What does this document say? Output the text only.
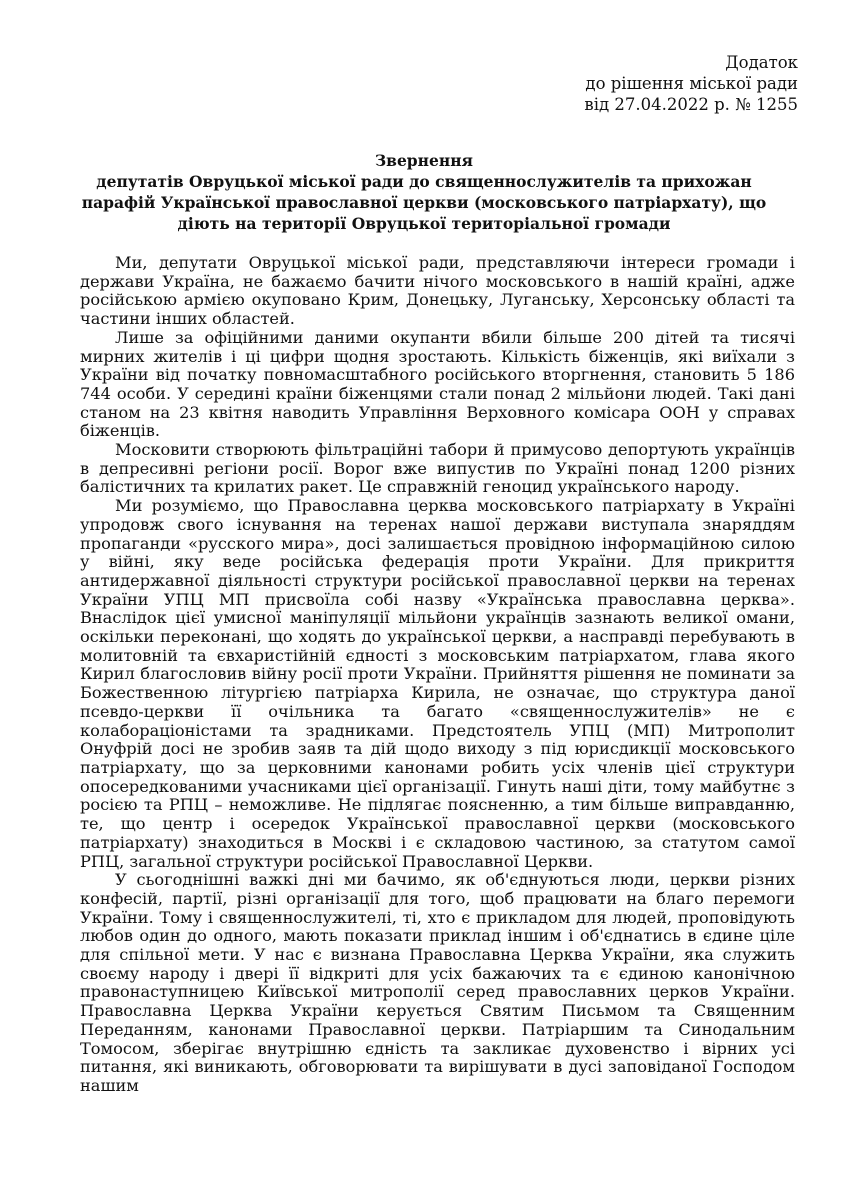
Додаток
до рішення міської ради
від 27.04.2022 р. № 1255
Звернення
депутатів Овруцької міської ради до священнослужителів та прихожан
парафій Української православної церкви (московського патріархату), що
діють на території Овруцької територіальної громади

Ми, депутати Овруцької міської ради, представляючи інтереси громади і держави Україна, не бажаємо бачити нічого московського в нашій країні, адже російською армією окуповано Крим, Донецьку, Луганську, Херсонську області та частини інших областей.

Лише за офіційними даними окупанти вбили більше 200 дітей та тисячі мирних жителів і ці цифри щодня зростають. Кількість біженців, які виїхали з України від початку повномасштабного російського вторгнення, становить 5 186 744 особи. У середині країни біженцями стали понад 2 мільйони людей. Такі дані станом на 23 квітня наводить Управління Верховного комісара ООН у справах біженців.

Московити створюють фільтраційні табори й примусово депортують українців в депресивні регіони росії. Ворог вже випустив по Україні понад 1200 різних балістичних та крилатих ракет. Це справжній геноцид українського народу.

Ми розуміємо, що Православна церква московського патріархату в Україні упродовж свого існування на теренах нашої держави виступала знаряддям пропаганди «русского мира», досі залишається провідною інформаційною силою у війні, яку веде російська федерація проти України. Для прикриття антидержавної діяльності структури російської православної церкви на теренах України УПЦ МП присвоїла собі назву «Українська православна церква». Внаслідок цієї умисної маніпуляції мільйони українців зазнають великої омани, оскільки переконані, що ходять до української церкви, а насправді перебувають в молитовній та євхаристійній єдності з московським патріархатом, глава якого Кирил благословив війну росії проти України. Прийняття рішення не поминати за Божественною літургією патріарха Кирила, не означає, що структура даної псевдо-церкви її очільника та багато «священнослужителів» не є колабораціоністами та зрадниками. Предстоятель УПЦ (МП) Митрополит Онуфрій досі не зробив заяв та дій щодо виходу з під юрисдикції московського патріархату, що за церковними канонами робить усіх членів цієї структури опосередкованими учасниками цієї організації. Гинуть наші діти, тому майбутнє з росією та РПЦ – неможливе. Не підлягає поясненню, а тим більше виправданню, те, що центр і осередок Української православної церкви (московського патріархату) знаходиться в Москві і є складовою частиною, за статутом самої РПЦ, загальної структури російської Православної Церкви.

У сьогоднішні важкі дні ми бачимо, як об'єднуються люди, церкви різних конфесій, партії, різні організації для того, щоб працювати на благо перемоги України. Тому і священнослужителі, ті, хто є прикладом для людей, проповідують любов один до одного, мають показати приклад іншим і об'єднатись в єдине ціле для спільної мети. У нас є визнана Православна Церква України, яка служить своєму народу і двері її відкриті для усіх бажаючих та є єдиною канонічною правонаступницею Київської митрополії серед православних церков України. Православна Церква України керується Святим Письмом та Священним Переданням, канонами Православної церкви. Патріаршим та Синодальним Томосом, зберігає внутрішню єдність та закликає духовенство і вірних усі питання, які виникають, обговорювати та вирішувати в дусі заповіданої Господом нашим
